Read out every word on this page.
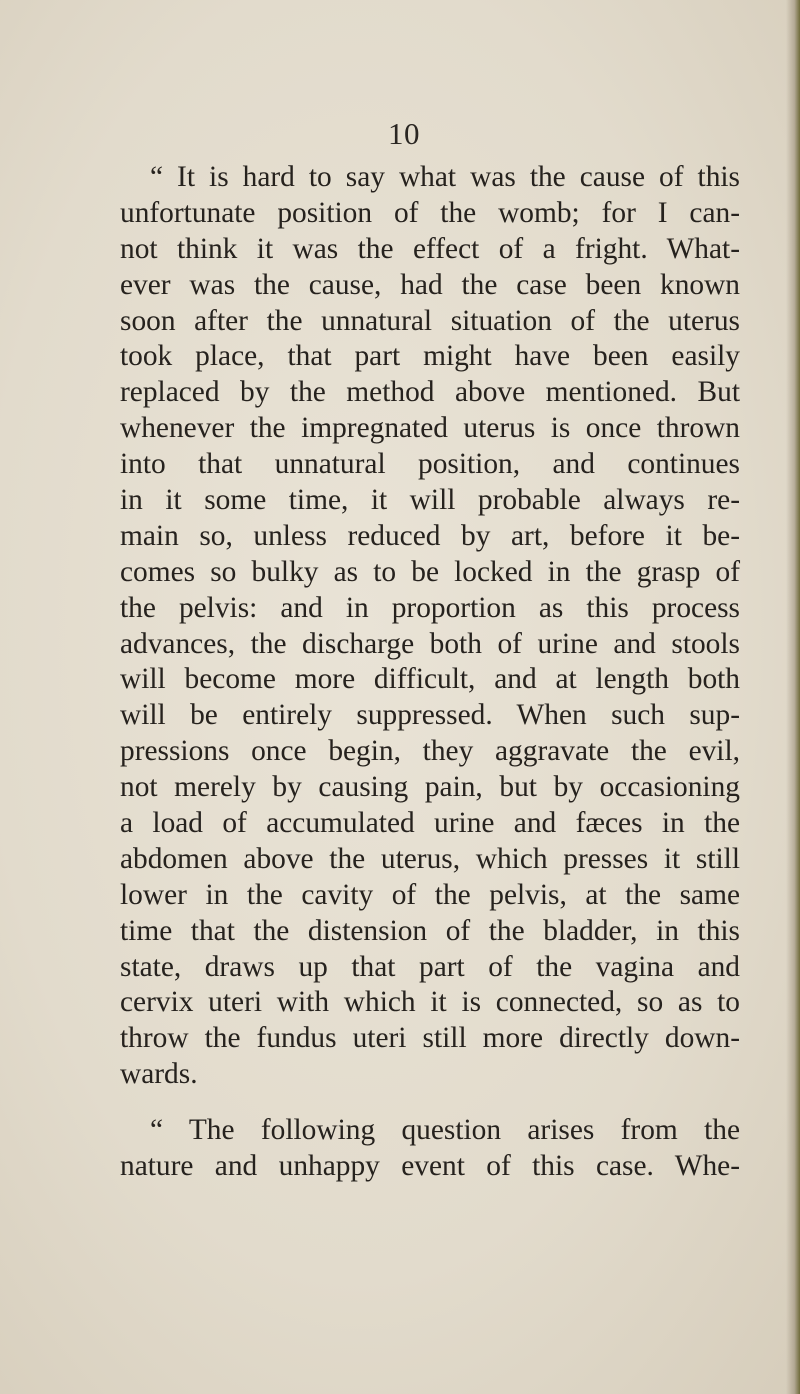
10
“ It is hard to say what was the cause of this
unfortunate position of the womb; for I can-
not think it was the effect of a fright. What-
ever was the cause, had the case been known
soon after the unnatural situation of the uterus
took place, that part might have been easily
replaced by the method above mentioned. But
whenever the impregnated uterus is once thrown
into that unnatural position, and continues
in it some time, it will probable always re-
main so, unless reduced by art, before it be-
comes so bulky as to be locked in the grasp of
the pelvis: and in proportion as this process
advances, the discharge both of urine and stools
will become more difficult, and at length both
will be entirely suppressed. When such sup-
pressions once begin, they aggravate the evil,
not merely by causing pain, but by occasioning
a load of accumulated urine and fæces in the
abdomen above the uterus, which presses it still
lower in the cavity of the pelvis, at the same
time that the distension of the bladder, in this
state, draws up that part of the vagina and
cervix uteri with which it is connected, so as to
throw the fundus uteri still more directly down-
wards.
“ The following question arises from the
nature and unhappy event of this case. Whe-
